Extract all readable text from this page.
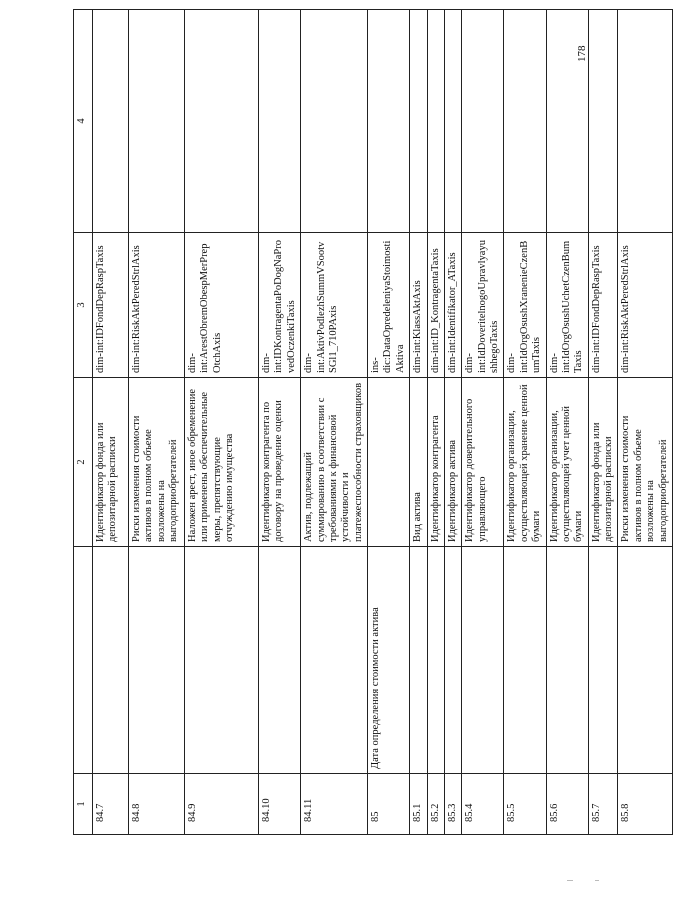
1		2	3	4
84.7		Идентификатор фонда или депозитарной расписки	dim-int:IDFondDepRaspTaxis	
84.8		Риски изменения стоимости активов в полном объеме возложены на выгодоприобретателей	dim-int:RiskAktPeredStrlAxis	
84.9		Наложен арест, иное обременение или применены обеспечительные меры, препятствующие отчуждению имущества	dim-int:ArestObremObespMerPrepOtchAxis	
84.10		Идентификатор контрагента по договору на проведение оценки	dim-int:IDKontragentaPoDogNaProvedOczenkiTaxis	
84.11		Актив, подлежащий суммированию в соответствии с требованиями к финансовой устойчивости и платежеспособности страховщиков	dim-int:AktivPodlezhSummVSootvSGl1_710PAxis	
85	Дата определения стоимости актива		ins-dic:DataOpredeleniyaStoimostiAktiva	
85.1		Вид актива	dim-int:KlassAktAxis	
85.2		Идентификатор контрагента	dim-int:ID_KontragentaTaxis	
85.3		Идентификатор актива	dim-int:Identifikator_ATaxis	
85.4		Идентификатор доверительного управляющего	dim-int:IdDoveritelnogoUpravlyayushhegoTaxis	
85.5		Идентификатор организации, осуществляющей хранение ценной бумаги	dim-int:IdOrgOsushXranenieCzenBumTaxis	
85.6		Идентификатор организации, осуществляющей учет ценной бумаги	dim-int:IdOrgOsushUchetCzenBumTaxis	
85.7		Идентификатор фонда или депозитарной расписки	dim-int:IDFondDepRaspTaxis	
85.8		Риски изменения стоимости активов в полном объеме возложены на выгодоприобретателей	dim-int:RiskAktPeredStrlAxis	
178
